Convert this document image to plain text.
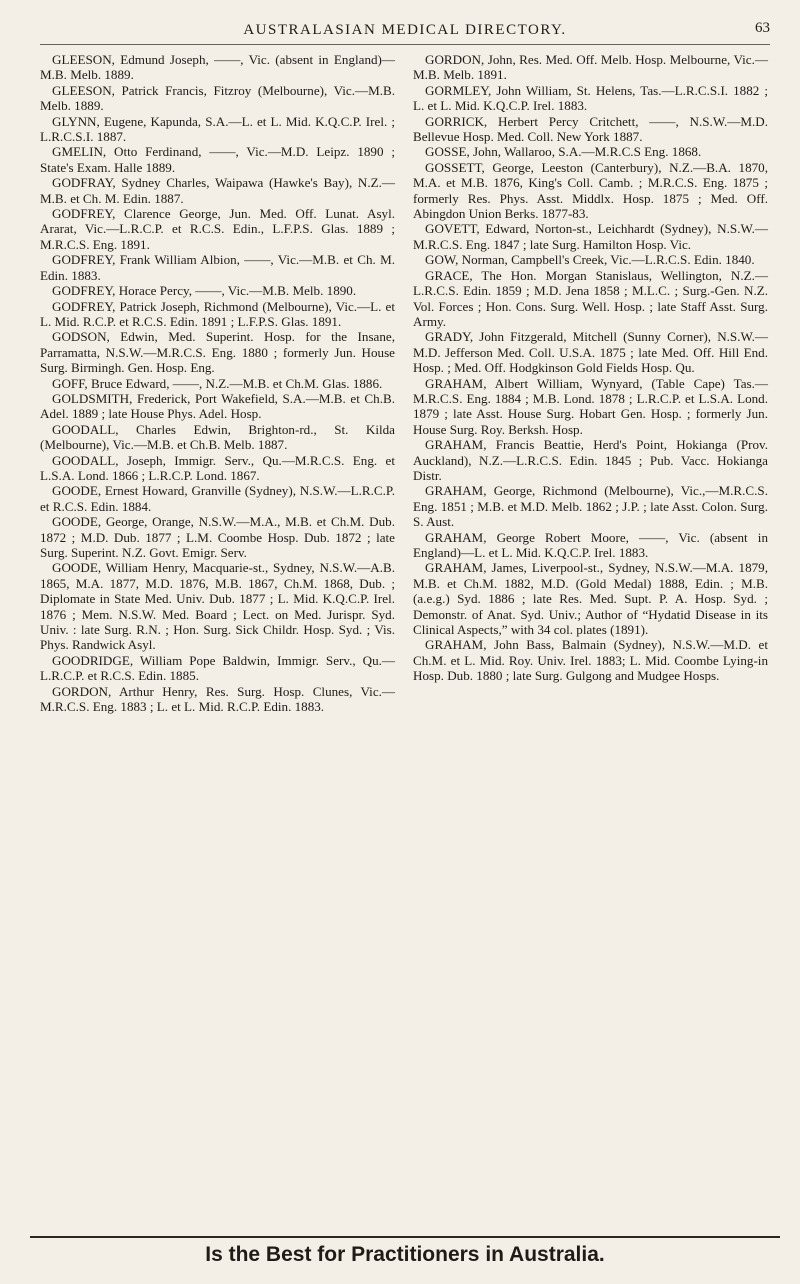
AUSTRALASIAN MEDICAL DIRECTORY.	63
GLEESON, Edmund Joseph, ——, Vic. (absent in England)—M.B. Melb. 1889.
GLEESON, Patrick Francis, Fitzroy (Melbourne), Vic.—M.B. Melb. 1889.
GLYNN, Eugene, Kapunda, S.A.—L. et L. Mid. K.Q.C.P. Irel. ; L.R.C.S.I. 1887.
GMELIN, Otto Ferdinand, ——, Vic.—M.D. Leipz. 1890 ; State's Exam. Halle 1889.
GODFRAY, Sydney Charles, Waipawa (Hawke's Bay), N.Z.—M.B. et Ch. M. Edin. 1887.
GODFREY, Clarence George, Jun. Med. Off. Lunat. Asyl. Ararat, Vic.—L.R.C.P. et R.C.S. Edin., L.F.P.S. Glas. 1889 ; M.R.C.S. Eng. 1891.
GODFREY, Frank William Albion, ——, Vic.—M.B. et Ch. M. Edin. 1883.
GODFREY, Horace Percy, ——, Vic.—M.B. Melb. 1890.
GODFREY, Patrick Joseph, Richmond (Melbourne), Vic.—L. et L. Mid. R.C.P. et R.C.S. Edin. 1891 ; L.F.P.S. Glas. 1891.
GODSON, Edwin, Med. Superint. Hosp. for the Insane, Parramatta, N.S.W.—M.R.C.S. Eng. 1880 ; formerly Jun. House Surg. Birmingh. Gen. Hosp. Eng.
GOFF, Bruce Edward, ——, N.Z.—M.B. et Ch.M. Glas. 1886.
GOLDSMITH, Frederick, Port Wakefield, S.A.—M.B. et Ch.B. Adel. 1889 ; late House Phys. Adel. Hosp.
GOODALL, Charles Edwin, Brighton-rd., St. Kilda (Melbourne), Vic.—M.B. et Ch.B. Melb. 1887.
GOODALL, Joseph, Immigr. Serv., Qu.—M.R.C.S. Eng. et L.S.A. Lond. 1866 ; L.R.C.P. Lond. 1867.
GOODE, Ernest Howard, Granville (Sydney), N.S.W.—L.R.C.P. et R.C.S. Edin. 1884.
GOODE, George, Orange, N.S.W.—M.A., M.B. et Ch.M. Dub. 1872 ; M.D. Dub. 1877 ; L.M. Coombe Hosp. Dub. 1872 ; late Surg. Superint. N.Z. Govt. Emigr. Serv.
GOODE, William Henry, Macquarie-st., Sydney, N.S.W.—A.B. 1865, M.A. 1877, M.D. 1876, M.B. 1867, Ch.M. 1868, Dub. ; Diplomate in State Med. Univ. Dub. 1877 ; L. Mid. K.Q.C.P. Irel. 1876 ; Mem. N.S.W. Med. Board ; Lect. on Med. Jurispr. Syd. Univ. : late Surg. R.N. ; Hon. Surg. Sick Childr. Hosp. Syd. ; Vis. Phys. Randwick Asyl.
GOODRIDGE, William Pope Baldwin, Immigr. Serv., Qu.—L.R.C.P. et R.C.S. Edin. 1885.
GORDON, Arthur Henry, Res. Surg. Hosp. Clunes, Vic.—M.R.C.S. Eng. 1883 ; L. et L. Mid. R.C.P. Edin. 1883.
GORDON, John, Res. Med. Off. Melb. Hosp. Melbourne, Vic.—M.B. Melb. 1891.
GORMLEY, John William, St. Helens, Tas.—L.R.C.S.I. 1882 ; L. et L. Mid. K.Q.C.P. Irel. 1883.
GORRICK, Herbert Percy Critchett, ——, N.S.W.—M.D. Bellevue Hosp. Med. Coll. New York 1887.
GOSSE, John, Wallaroo, S.A.—M.R.C.S Eng. 1868.
GOSSETT, George, Leeston (Canterbury), N.Z.—B.A. 1870, M.A. et M.B. 1876, King's Coll. Camb. ; M.R.C.S. Eng. 1875 ; formerly Res. Phys. Asst. Middlx. Hosp. 1875 ; Med. Off. Abingdon Union Berks. 1877-83.
GOVETT, Edward, Norton-st., Leichhardt (Sydney), N.S.W.—M.R.C.S. Eng. 1847 ; late Surg. Hamilton Hosp. Vic.
GOW, Norman, Campbell's Creek, Vic.—L.R.C.S. Edin. 1840.
GRACE, The Hon. Morgan Stanislaus, Wellington, N.Z.—L.R.C.S. Edin. 1859 ; M.D. Jena 1858 ; M.L.C. ; Surg.-Gen. N.Z. Vol. Forces ; Hon. Cons. Surg. Well. Hosp. ; late Staff Asst. Surg. Army.
GRADY, John Fitzgerald, Mitchell (Sunny Corner), N.S.W.—M.D. Jefferson Med. Coll. U.S.A. 1875 ; late Med. Off. Hill End. Hosp. ; Med. Off. Hodgkinson Gold Fields Hosp. Qu.
GRAHAM, Albert William, Wynyard, (Table Cape) Tas.—M.R.C.S. Eng. 1884 ; M.B. Lond. 1878 ; L.R.C.P. et L.S.A. Lond. 1879 ; late Asst. House Surg. Hobart Gen. Hosp. ; formerly Jun. House Surg. Roy. Berksh. Hosp.
GRAHAM, Francis Beattie, Herd's Point, Hokianga (Prov. Auckland), N.Z.—L.R.C.S. Edin. 1845 ; Pub. Vacc. Hokianga Distr.
GRAHAM, George, Richmond (Melbourne), Vic.,—M.R.C.S. Eng. 1851 ; M.B. et M.D. Melb. 1862 ; J.P. ; late Asst. Colon. Surg. S. Aust.
GRAHAM, George Robert Moore, ——, Vic. (absent in England)—L. et L. Mid. K.Q.C.P. Irel. 1883.
GRAHAM, James, Liverpool-st., Sydney, N.S.W.—M.A. 1879, M.B. et Ch.M. 1882, M.D. (Gold Medal) 1888, Edin. ; M.B. (a.e.g.) Syd. 1886 ; late Res. Med. Supt. P. A. Hosp. Syd. ; Demonstr. of Anat. Syd. Univ.; Author of “Hydatid Disease in its Clinical Aspects,” with 34 col. plates (1891).
GRAHAM, John Bass, Balmain (Sydney), N.S.W.—M.D. et Ch.M. et L. Mid. Roy. Univ. Irel. 1883; L. Mid. Coombe Lying-in Hosp. Dub. 1880 ; late Surg. Gulgong and Mudgee Hosps.
Is the Best for Practitioners in Australia.
